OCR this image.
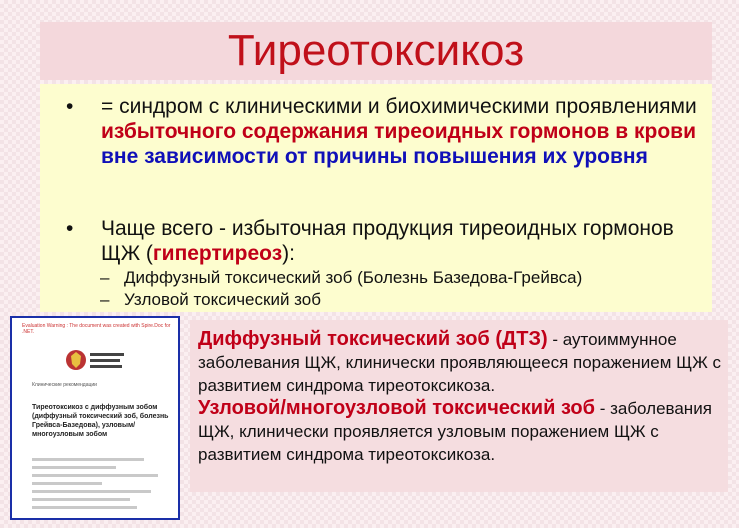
Тиреотоксикоз
•	= синдром с клиническими и биохимическими проявлениями избыточного содержания тиреоидных гормонов в крови вне зависимости от причины повышения их уровня
•	Чаще всего - избыточная продукция тиреоидных гормонов ЩЖ (гипертиреоз):
– Диффузный токсический зоб (Болезнь Базедова-Грейвса)
– Узловой токсический зоб
Evaluation Warning : The document was created with Spire.Doc for .NET.
Клинические рекомендации
Тиреотоксикоз с диффузным зобом (диффузный токсический зоб, болезнь Грейвса-Базедова), узловым/многоузловым зобом
Диффузный токсический зоб (ДТЗ) - аутоиммунное заболевания ЩЖ, клинически проявляющееся поражением ЩЖ с развитием синдрома тиреотоксикоза.
Узловой/многоузловой токсический зоб - заболевания ЩЖ, клинически проявляется узловым поражением ЩЖ с развитием синдрома тиреотоксикоза.
